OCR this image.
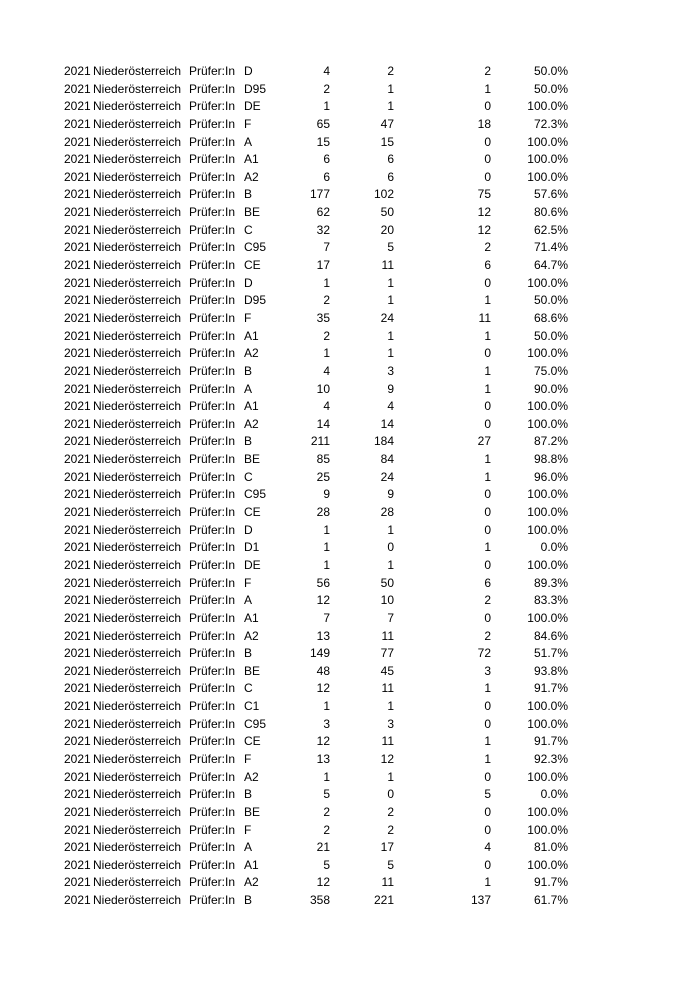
2021 Niederösterreich Prüfer:In D	4	2	2	50.0%
2021 Niederösterreich Prüfer:In D95	2	1	1	50.0%
2021 Niederösterreich Prüfer:In DE	1	1	0	100.0%
2021 Niederösterreich Prüfer:In F	65	47	18	72.3%
2021 Niederösterreich Prüfer:In A	15	15	0	100.0%
2021 Niederösterreich Prüfer:In A1	6	6	0	100.0%
2021 Niederösterreich Prüfer:In A2	6	6	0	100.0%
2021 Niederösterreich Prüfer:In B	177	102	75	57.6%
2021 Niederösterreich Prüfer:In BE	62	50	12	80.6%
2021 Niederösterreich Prüfer:In C	32	20	12	62.5%
2021 Niederösterreich Prüfer:In C95	7	5	2	71.4%
2021 Niederösterreich Prüfer:In CE	17	11	6	64.7%
2021 Niederösterreich Prüfer:In D	1	1	0	100.0%
2021 Niederösterreich Prüfer:In D95	2	1	1	50.0%
2021 Niederösterreich Prüfer:In F	35	24	11	68.6%
2021 Niederösterreich Prüfer:In A1	2	1	1	50.0%
2021 Niederösterreich Prüfer:In A2	1	1	0	100.0%
2021 Niederösterreich Prüfer:In B	4	3	1	75.0%
2021 Niederösterreich Prüfer:In A	10	9	1	90.0%
2021 Niederösterreich Prüfer:In A1	4	4	0	100.0%
2021 Niederösterreich Prüfer:In A2	14	14	0	100.0%
2021 Niederösterreich Prüfer:In B	211	184	27	87.2%
2021 Niederösterreich Prüfer:In BE	85	84	1	98.8%
2021 Niederösterreich Prüfer:In C	25	24	1	96.0%
2021 Niederösterreich Prüfer:In C95	9	9	0	100.0%
2021 Niederösterreich Prüfer:In CE	28	28	0	100.0%
2021 Niederösterreich Prüfer:In D	1	1	0	100.0%
2021 Niederösterreich Prüfer:In D1	1	0	1	0.0%
2021 Niederösterreich Prüfer:In DE	1	1	0	100.0%
2021 Niederösterreich Prüfer:In F	56	50	6	89.3%
2021 Niederösterreich Prüfer:In A	12	10	2	83.3%
2021 Niederösterreich Prüfer:In A1	7	7	0	100.0%
2021 Niederösterreich Prüfer:In A2	13	11	2	84.6%
2021 Niederösterreich Prüfer:In B	149	77	72	51.7%
2021 Niederösterreich Prüfer:In BE	48	45	3	93.8%
2021 Niederösterreich Prüfer:In C	12	11	1	91.7%
2021 Niederösterreich Prüfer:In C1	1	1	0	100.0%
2021 Niederösterreich Prüfer:In C95	3	3	0	100.0%
2021 Niederösterreich Prüfer:In CE	12	11	1	91.7%
2021 Niederösterreich Prüfer:In F	13	12	1	92.3%
2021 Niederösterreich Prüfer:In A2	1	1	0	100.0%
2021 Niederösterreich Prüfer:In B	5	0	5	0.0%
2021 Niederösterreich Prüfer:In BE	2	2	0	100.0%
2021 Niederösterreich Prüfer:In F	2	2	0	100.0%
2021 Niederösterreich Prüfer:In A	21	17	4	81.0%
2021 Niederösterreich Prüfer:In A1	5	5	0	100.0%
2021 Niederösterreich Prüfer:In A2	12	11	1	91.7%
2021 Niederösterreich Prüfer:In B	358	221	137	61.7%
